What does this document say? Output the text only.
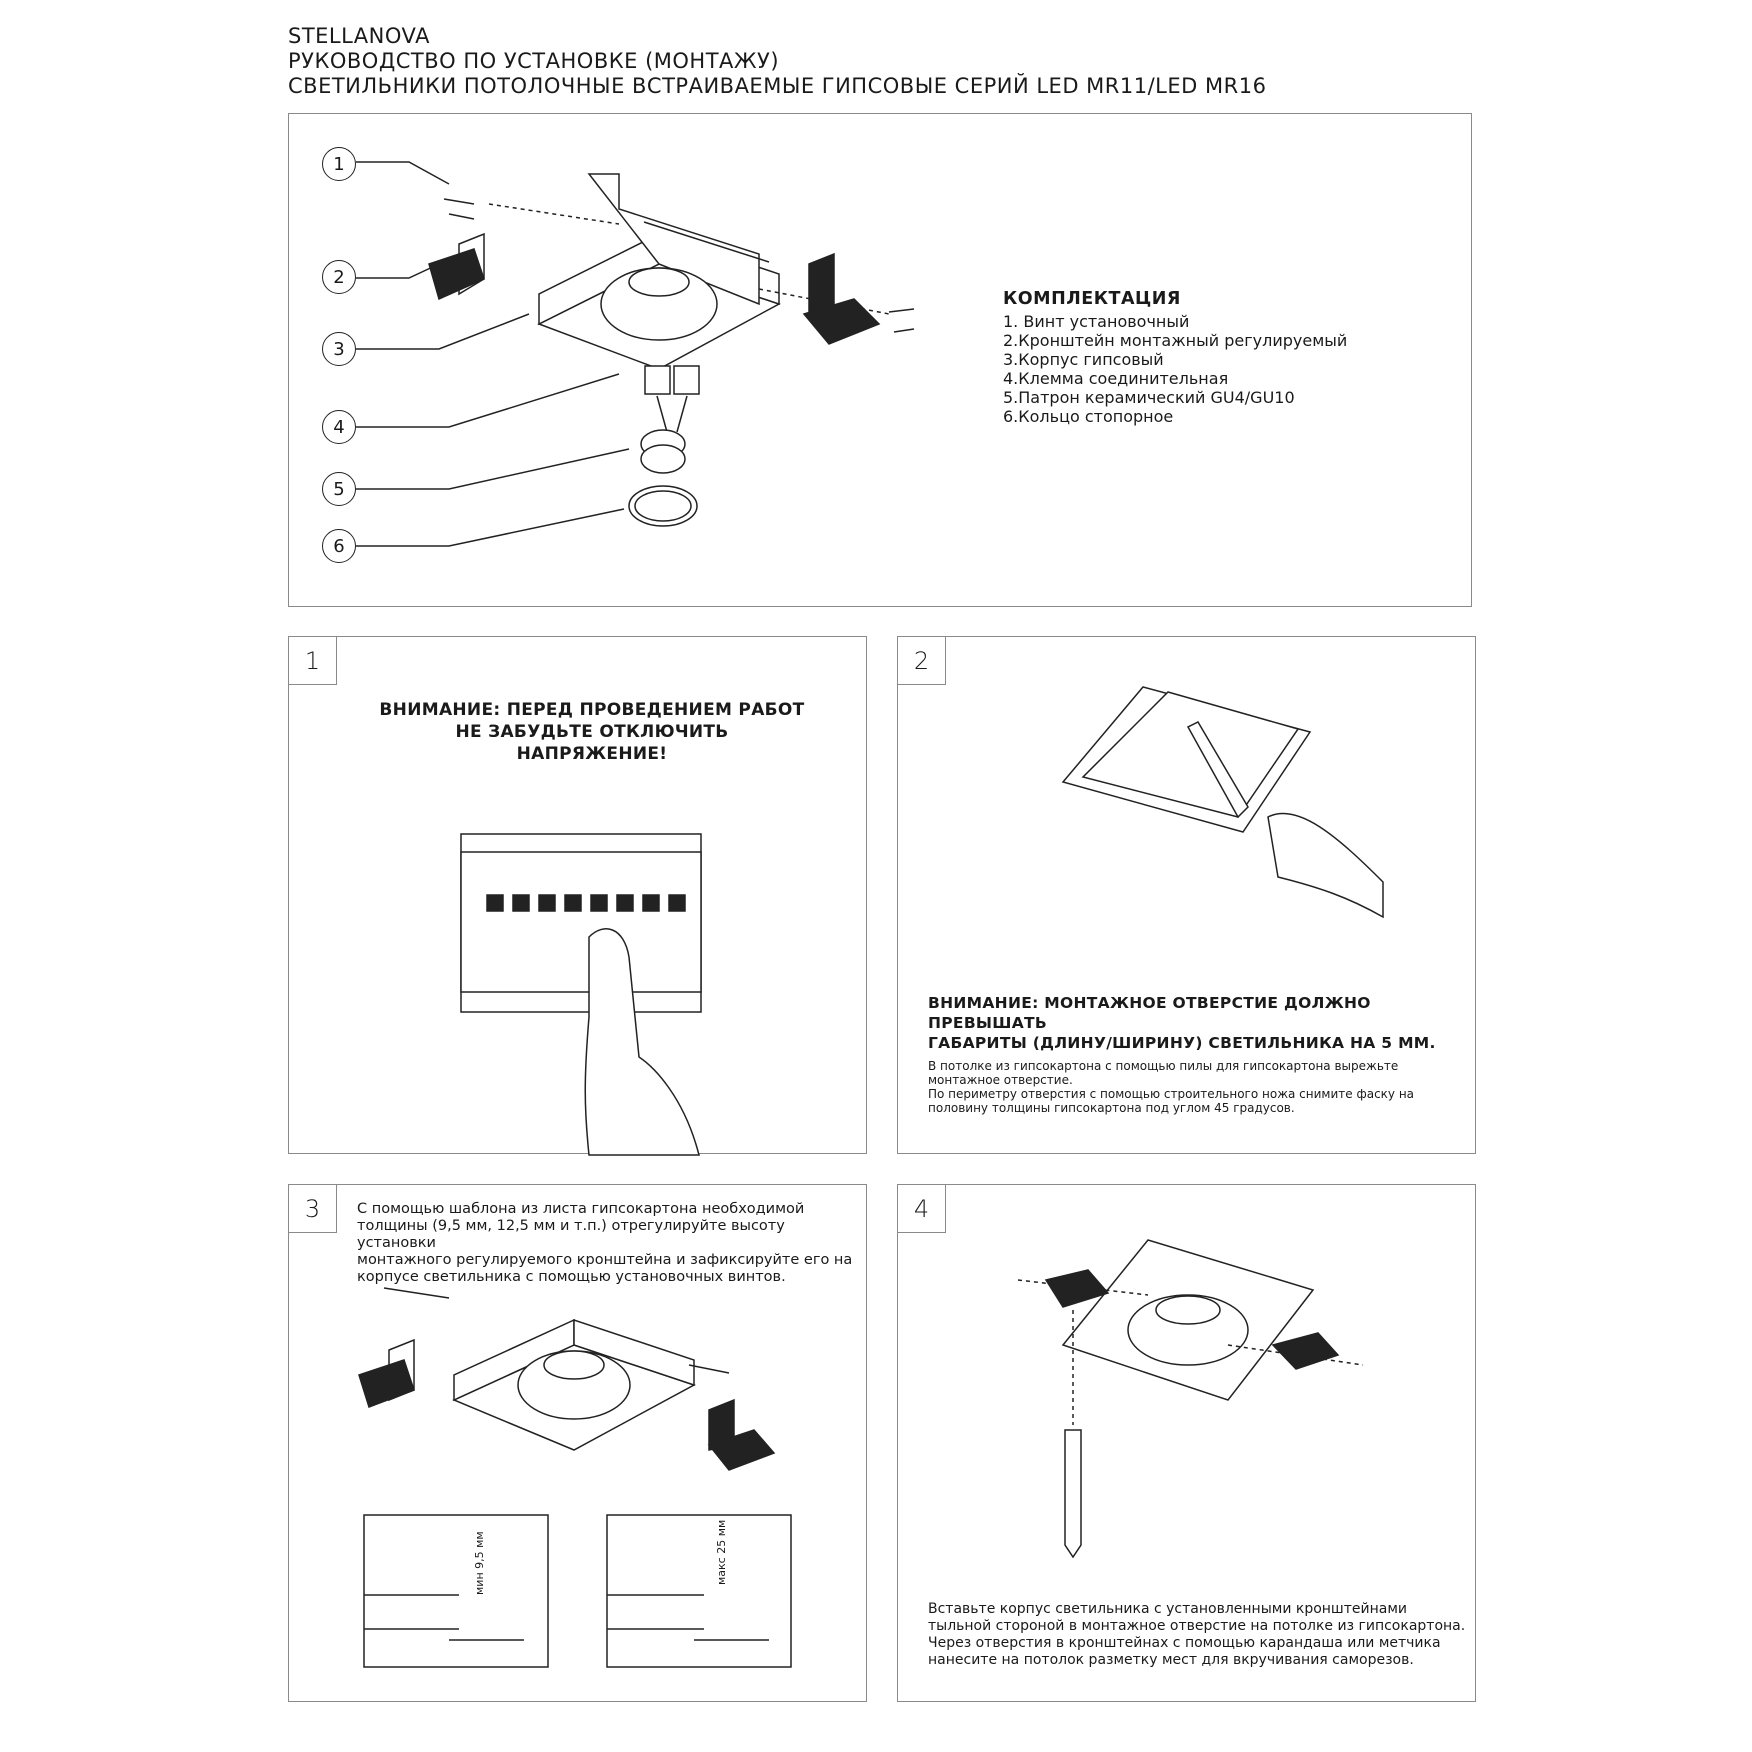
STELLANOVA
РУКОВОДСТВО ПО УСТАНОВКЕ (МОНТАЖУ)
СВЕТИЛЬНИКИ ПОТОЛОЧНЫЕ ВСТРАИВАЕМЫЕ ГИПСОВЫЕ СЕРИЙ LED MR11/LED MR16
1
2
3
4
5
6
КОМПЛЕКТАЦИЯ
1. Винт установочный
2.Кронштейн монтажный регулируемый
3.Корпус гипсовый
4.Клемма соединительная
5.Патрон керамический GU4/GU10
6.Кольцо стопорное
1
ВНИМАНИЕ: ПЕРЕД ПРОВЕДЕНИЕМ РАБОТ
НЕ ЗАБУДЬТЕ ОТКЛЮЧИТЬ НАПРЯЖЕНИЕ!
2
ВНИМАНИЕ: МОНТАЖНОЕ ОТВЕРСТИЕ ДОЛЖНО ПРЕВЫШАТЬ
ГАБАРИТЫ (ДЛИНУ/ШИРИНУ) СВЕТИЛЬНИКА НА 5 ММ.
В потолке из гипсокартона с помощью пилы для гипсокартона вырежьте
монтажное отверстие.
По периметру отверстия с помощью строительного ножа снимите фаску на
половину толщины гипсокартона под углом 45 градусов.
3	С помощью шаблона из листа гипсокартона необходимой
толщины (9,5 мм, 12,5 мм и т.п.) отрегулируйте высоту установки
монтажного регулируемого кронштейна и зафиксируйте его на
корпусе светильника с помощью установочных винтов.
мин 9,5 мм	макс 25 мм
4
Вставьте корпус светильника с установленными кронштейнами
тыльной стороной в монтажное отверстие на потолке из гипсокартона.
Через отверстия в кронштейнах с помощью карандаша или метчика
нанесите на потолок разметку мест для вкручивания саморезов.
